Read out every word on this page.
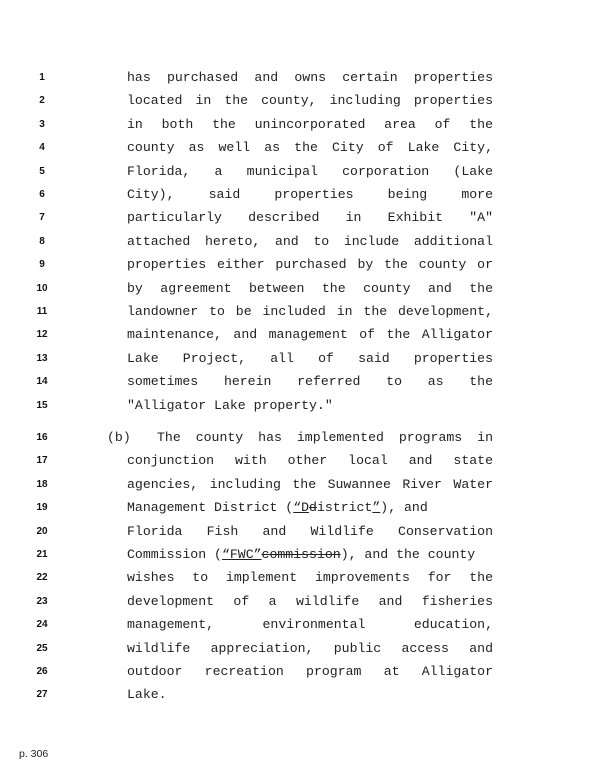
1	has purchased and owns certain properties
2	located in the county, including properties
3	in both the unincorporated area of the
4	county as well as the City of Lake City,
5	Florida, a municipal corporation (Lake
6	City), said properties being more
7	particularly described in Exhibit "A"
8	attached hereto, and to include additional
9	properties either purchased by the county or
10	by agreement between the county and the
11	landowner to be included in the development,
12	maintenance, and management of the Alligator
13	Lake Project, all of said properties
14	sometimes herein referred to as the
15	"Alligator Lake property."
16	(b) The county has implemented programs in
17	conjunction with other local and state
18	agencies, including the Suwannee River Water
19	Management District (“Ddistrict”), and
20	Florida Fish and Wildlife Conservation
21	Commission (“FWC”commission), and the county
22	wishes to implement improvements for the
23	development of a wildlife and fisheries
24	management, environmental education,
25	wildlife appreciation, public access and
26	outdoor recreation program at Alligator
27	Lake.
p. 306
